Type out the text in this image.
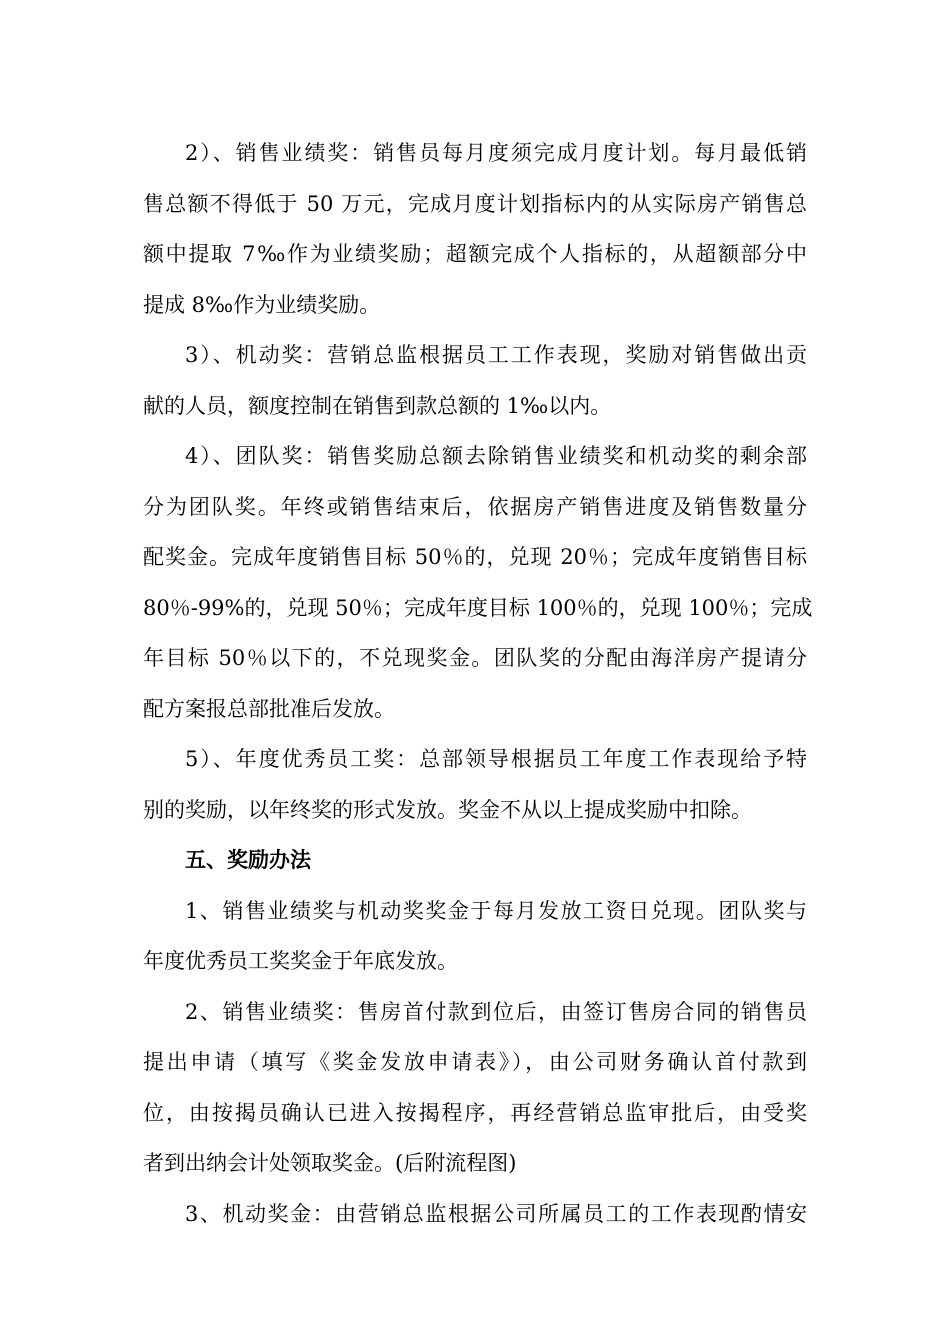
2）、销售业绩奖：销售员每月度须完成月度计划。每月最低销
售总额不得低于 50 万元，完成月度计划指标内的从实际房产销售总
额中提取 7‰作为业绩奖励；超额完成个人指标的，从超额部分中
提成 8‰作为业绩奖励。
3）、机动奖：营销总监根据员工工作表现，奖励对销售做出贡
献的人员，额度控制在销售到款总额的 1‰以内。
4）、团队奖：销售奖励总额去除销售业绩奖和机动奖的剩余部
分为团队奖。年终或销售结束后，依据房产销售进度及销售数量分
配奖金。完成年度销售目标 50％的，兑现 20％；完成年度销售目标
80％-99%的，兑现 50％；完成年度目标 100％的，兑现 100％；完成
年目标 50％以下的，不兑现奖金。团队奖的分配由海洋房产提请分
配方案报总部批准后发放。
5）、年度优秀员工奖：总部领导根据员工年度工作表现给予特
别的奖励，以年终奖的形式发放。奖金不从以上提成奖励中扣除。
五、奖励办法
1、销售业绩奖与机动奖奖金于每月发放工资日兑现。团队奖与
年度优秀员工奖奖金于年底发放。
2、销售业绩奖：售房首付款到位后，由签订售房合同的销售员
提出申请（填写《奖金发放申请表》），由公司财务确认首付款到
位，由按揭员确认已进入按揭程序，再经营销总监审批后，由受奖
者到出纳会计处领取奖金。(后附流程图)
3、机动奖金：由营销总监根据公司所属员工的工作表现酌情安
